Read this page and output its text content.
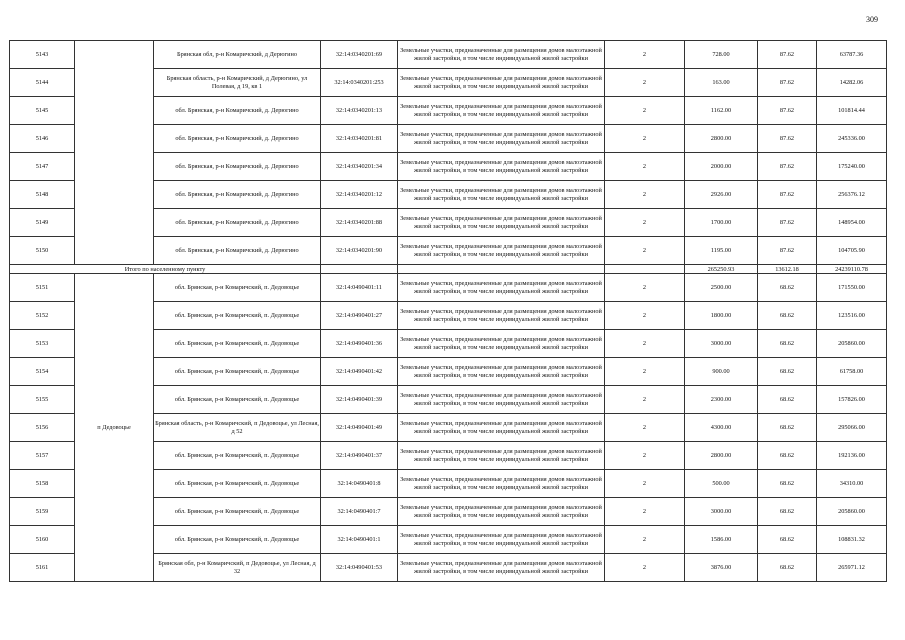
309
5143		Брянская обл, р-н Комаричский, д Дерюгино	32:14:0340201:69	Земельные участки, предназначенные для размещения домов малоэтажной жилой застройки, в том числе индивидуальной жилой застройки	2	728.00	87.62	63787.36
5144		Брянская область, р-н Комаричский, д Дерюгино, ул Полевая, д 19, кв 1	32:14:0340201:253	Земельные участки, предназначенные для размещения домов малоэтажной жилой застройки, в том числе индивидуальной жилой застройки	2	163.00	87.62	14282.06
5145		обл. Брянская, р-н Комаричский, д. Дерюгино	32:14:0340201:13	Земельные участки, предназначенные для размещения домов малоэтажной жилой застройки, в том числе индивидуальной жилой застройки	2	1162.00	87.62	101814.44
5146		обл. Брянская, р-н Комаричский, д. Дерюгино	32:14:0340201:81	Земельные участки, предназначенные для размещения домов малоэтажной жилой застройки, в том числе индивидуальной жилой застройки	2	2800.00	87.62	245336.00
5147		обл. Брянская, р-н Комаричский, д. Дерюгино	32:14:0340201:34	Земельные участки, предназначенные для размещения домов малоэтажной жилой застройки, в том числе индивидуальной жилой застройки	2	2000.00	87.62	175240.00
5148		обл. Брянская, р-н Комаричский, д. Дерюгино	32:14:0340201:12	Земельные участки, предназначенные для размещения домов малоэтажной жилой застройки, в том числе индивидуальной жилой застройки	2	2926.00	87.62	256376.12
5149		обл. Брянская, р-н Комаричский, д. Дерюгино	32:14:0340201:88	Земельные участки, предназначенные для размещения домов малоэтажной жилой застройки, в том числе индивидуальной жилой застройки	2	1700.00	87.62	148954.00
5150		обл. Брянская, р-н Комаричский, д. Дерюгино	32:14:0340201:90	Земельные участки, предназначенные для размещения домов малоэтажной жилой застройки, в том числе индивидуальной жилой застройки	2	1195.00	87.62	104705.90
Итого по населенному пункту						265250.93	13612.18	24239110.78
5151	п Дедовоцье	обл. Брянская, р-н Комаричский, п. Дедовоцье	32:14:0490401:11	Земельные участки, предназначенные для размещения домов малоэтажной жилой застройки, в том числе индивидуальной жилой застройки	2	2500.00	68.62	171550.00
5152		обл. Брянская, р-н Комаричский, п. Дедовоцье	32:14:0490401:27	Земельные участки, предназначенные для размещения домов малоэтажной жилой застройки, в том числе индивидуальной жилой застройки	2	1800.00	68.62	123516.00
5153		обл. Брянская, р-н Комаричский, п. Дедовоцье	32:14:0490401:36	Земельные участки, предназначенные для размещения домов малоэтажной жилой застройки, в том числе индивидуальной жилой застройки	2	3000.00	68.62	205860.00
5154		обл. Брянская, р-н Комаричский, п. Дедовоцье	32:14:0490401:42	Земельные участки, предназначенные для размещения домов малоэтажной жилой застройки, в том числе индивидуальной жилой застройки	2	900.00	68.62	61758.00
5155		обл. Брянская, р-н Комаричский, п. Дедовоцье	32:14:0490401:39	Земельные участки, предназначенные для размещения домов малоэтажной жилой застройки, в том числе индивидуальной жилой застройки	2	2300.00	68.62	157826.00
5156		Брянская область, р-н Комаричский, п Дедовоцье, ул Лесная, д 52	32:14:0490401:49	Земельные участки, предназначенные для размещения домов малоэтажной жилой застройки, в том числе индивидуальной жилой застройки	2	4300.00	68.62	295066.00
5157		обл. Брянская, р-н Комаричский, п. Дедовоцье	32:14:0490401:37	Земельные участки, предназначенные для размещения домов малоэтажной жилой застройки, в том числе индивидуальной жилой застройки	2	2800.00	68.62	192136.00
5158		обл. Брянская, р-н Комаричский, п. Дедовоцье	32:14:0490401:8	Земельные участки, предназначенные для размещения домов малоэтажной жилой застройки, в том числе индивидуальной жилой застройки	2	500.00	68.62	34310.00
5159		обл. Брянская, р-н Комаричский, п. Дедовоцье	32:14:0490401:7	Земельные участки, предназначенные для размещения домов малоэтажной жилой застройки, в том числе индивидуальной жилой застройки	2	3000.00	68.62	205860.00
5160		обл. Брянская, р-н Комаричский, п. Дедовоцье	32:14:0490401:1	Земельные участки, предназначенные для размещения домов малоэтажной жилой застройки, в том числе индивидуальной жилой застройки	2	1586.00	68.62	108831.32
5161		Брянская обл, р-н Комаричский, п Дедовоцье, ул Лесная, д 32	32:14:0490401:53	Земельные участки, предназначенные для размещения домов малоэтажной жилой застройки, в том числе индивидуальной жилой застройки	2	3876.00	68.62	265971.12
